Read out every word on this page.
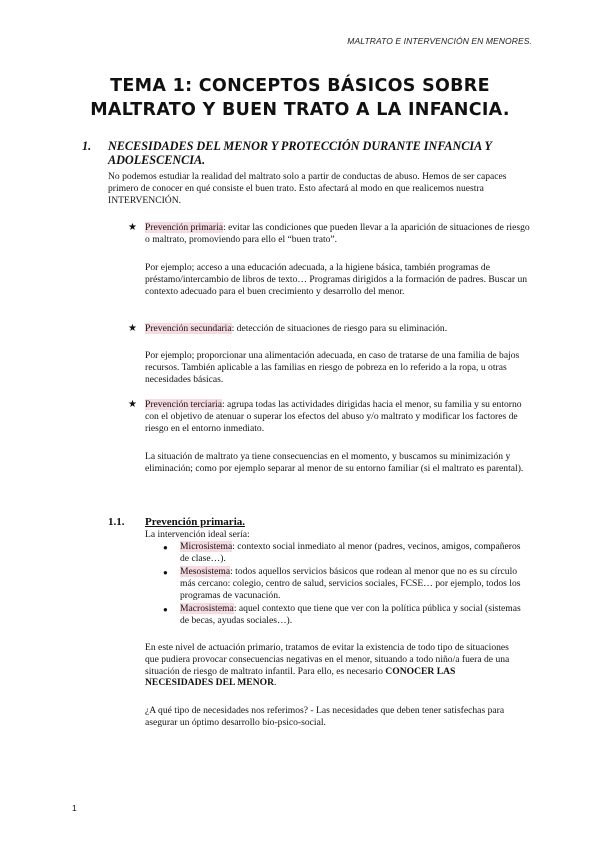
MALTRATO E INTERVENCIÓN EN MENORES.
TEMA 1: CONCEPTOS BÁSICOS SOBRE
MALTRATO Y BUEN TRATO A LA INFANCIA.
1. NECESIDADES DEL MENOR Y PROTECCIÓN DURANTE INFANCIA Y ADOLESCENCIA.
No podemos estudiar la realidad del maltrato solo a partir de conductas de abuso. Hemos de ser capaces primero de conocer en qué consiste el buen trato. Esto afectará al modo en que realicemos nuestra INTERVENCIÓN.
★ Prevención primaria: evitar las condiciones que pueden llevar a la aparición de situaciones de riesgo o maltrato, promoviendo para ello el “buen trato”.
Por ejemplo; acceso a una educación adecuada, a la higiene básica, también programas de préstamo/intercambio de libros de texto… Programas dirigidos a la formación de padres. Buscar un contexto adecuado para el buen crecimiento y desarrollo del menor.
★ Prevención secundaria: detección de situaciones de riesgo para su eliminación.
Por ejemplo; proporcionar una alimentación adecuada, en caso de tratarse de una familia de bajos recursos. También aplicable a las familias en riesgo de pobreza en lo referido a la ropa, u otras necesidades básicas.
★ Prevención terciaria: agrupa todas las actividades dirigidas hacia el menor, su familia y su entorno con el objetivo de atenuar o superar los efectos del abuso y/o maltrato y modificar los factores de riesgo en el entorno inmediato.
La situación de maltrato ya tiene consecuencias en el momento, y buscamos su minimización y eliminación; como por ejemplo separar al menor de su entorno familiar (si el maltrato es parental).
1.1. Prevención primaria.
La intervención ideal sería:
● Microsistema: contexto social inmediato al menor (padres, vecinos, amigos, compañeros de clase…).
● Mesosistema: todos aquellos servicios básicos que rodean al menor que no es su círculo más cercano: colegio, centro de salud, servicios sociales, FCSE… por ejemplo, todos los programas de vacunación.
● Macrosistema: aquel contexto que tiene que ver con la política pública y social (sistemas de becas, ayudas sociales…).
En este nivel de actuación primario, tratamos de evitar la existencia de todo tipo de situaciones que pudiera provocar consecuencias negativas en el menor, situando a todo niño/a fuera de una situación de riesgo de maltrato infantil. Para ello, es necesario CONOCER LAS NECESIDADES DEL MENOR.
¿A qué tipo de necesidades nos referimos? - Las necesidades que deben tener satisfechas para asegurar un óptimo desarrollo bio-psico-social.
1
